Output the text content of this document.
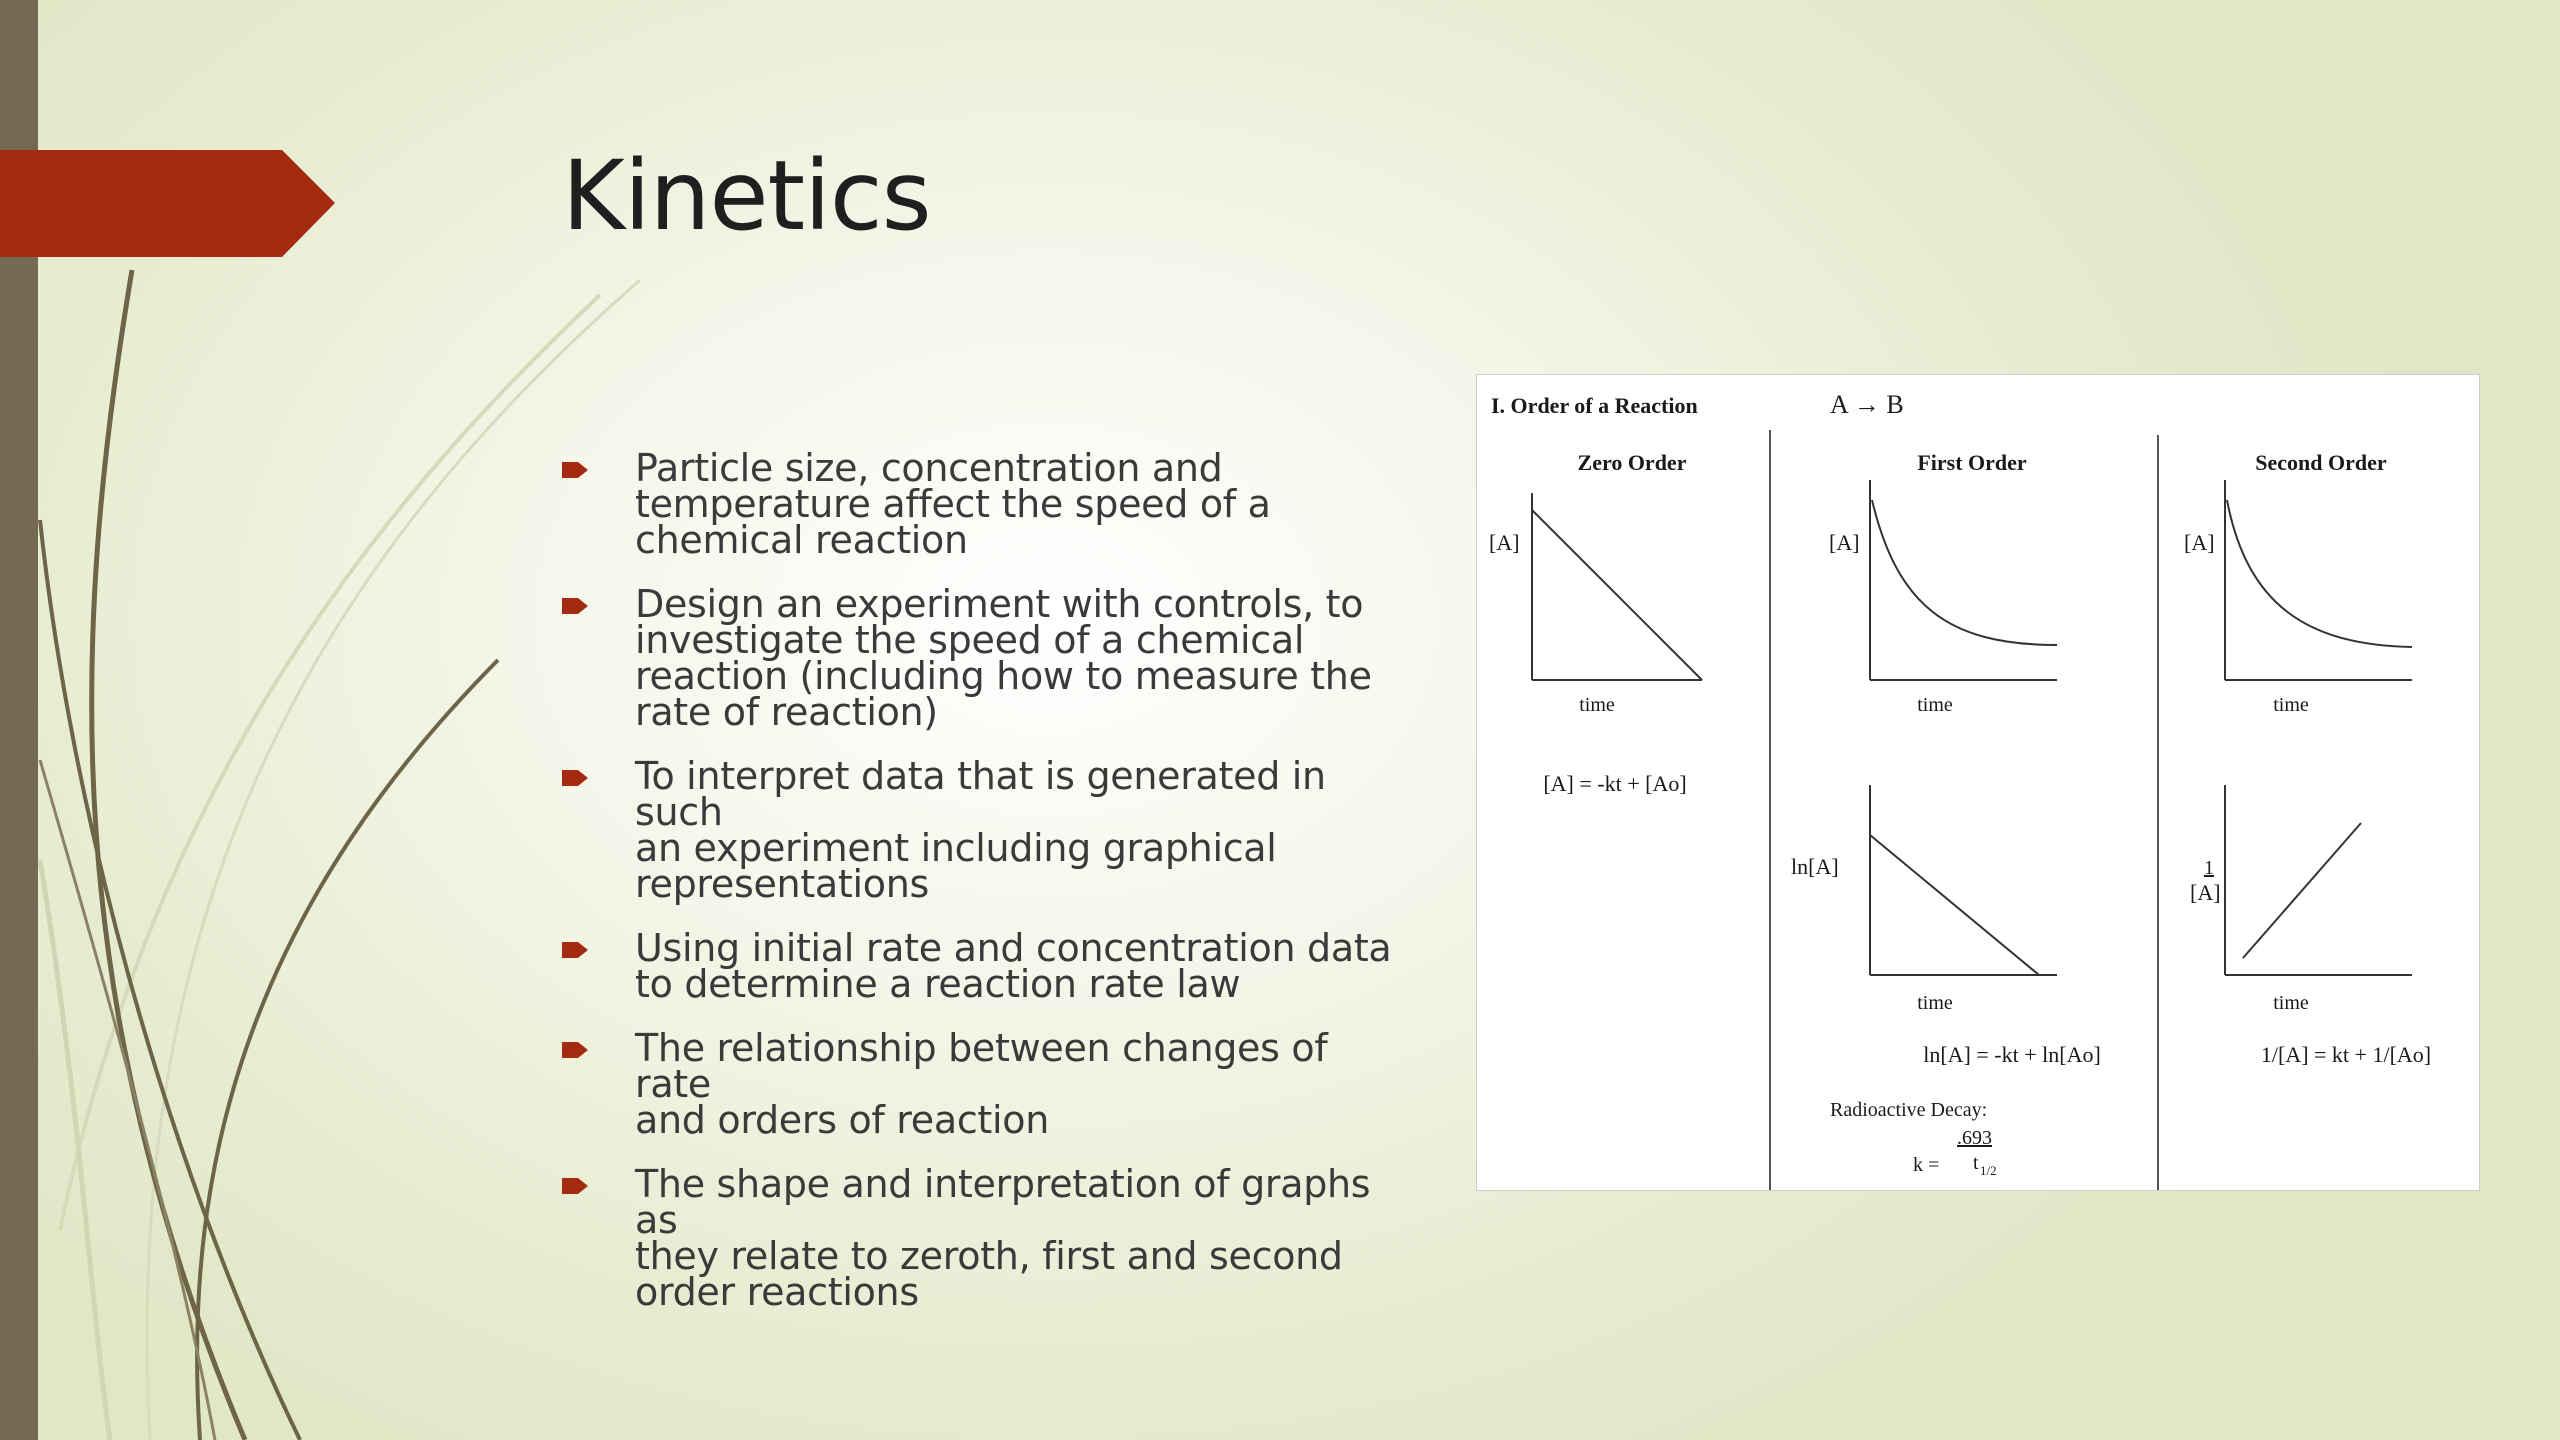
Kinetics
Particle size, concentration and
temperature affect the speed of a
chemical reaction
Design an experiment with controls, to
investigate the speed of a chemical
reaction (including how to measure the
rate of reaction)
To interpret data that is generated in such
an experiment including graphical
representations
Using initial rate and concentration data
to determine a reaction rate law
The relationship between changes of rate
and orders of reaction
The shape and interpretation of graphs as
they relate to zeroth, first and second
order reactions
I. Order of a Reaction	A → B
Zero Order	First Order	Second Order
[A]
time
[A] = -kt + [Ao]
[A]
time
ln[A]
time
ln[A] = -kt + ln[Ao]
Radioactive Decay:
.693
k = t 1/2
[A]
time
1
[A]
time
1/[A] = kt + 1/[Ao]
